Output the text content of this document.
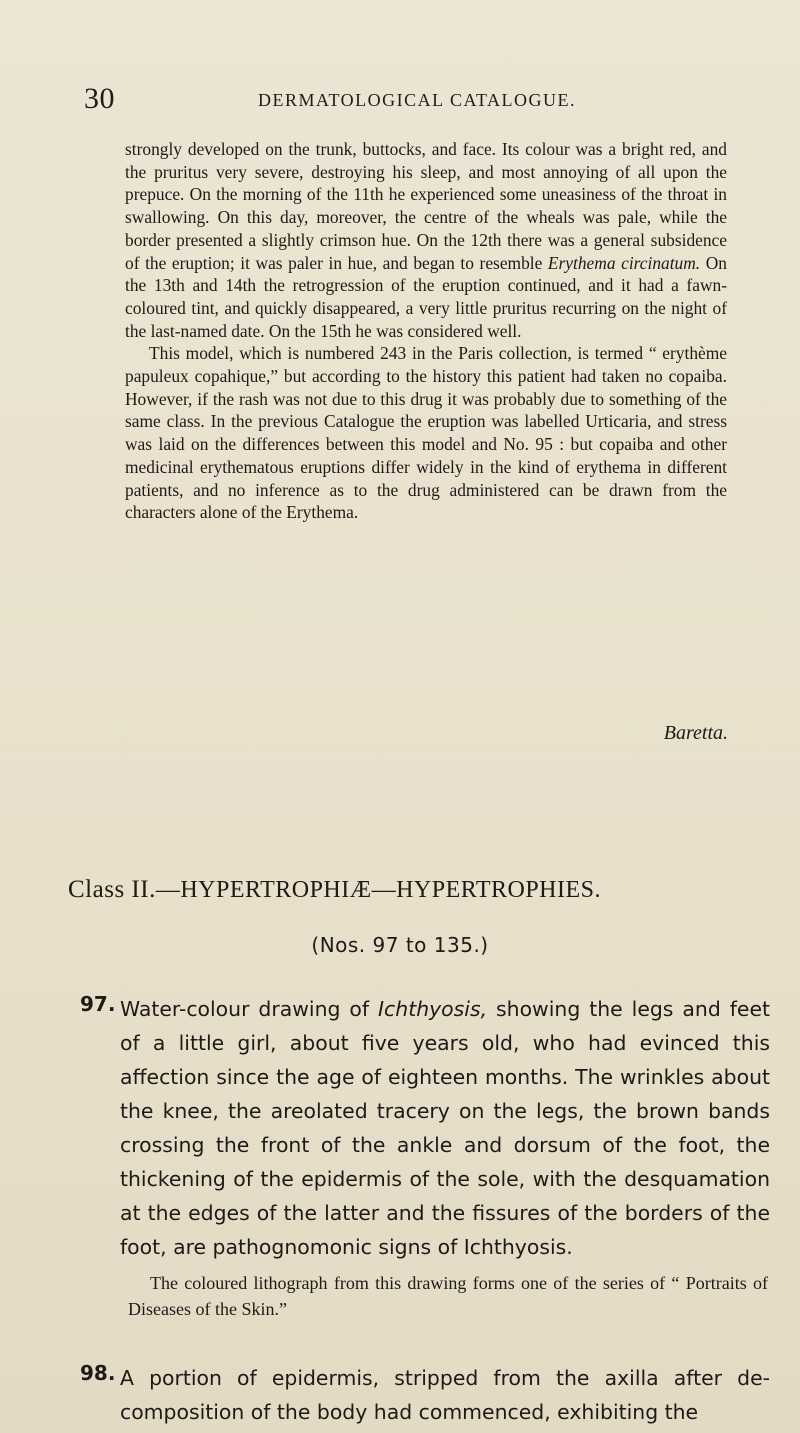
30	DERMATOLOGICAL CATALOGUE.

strongly developed on the trunk, buttocks, and face. Its colour was a bright red, and the pruritus very severe, destroying his sleep, and most annoying of all upon the prepuce. On the morning of the 11th he experienced some uneasiness of the throat in swallowing. On this day, moreover, the centre of the wheals was pale, while the border presented a slightly crimson hue. On the 12th there was a general subsidence of the eruption; it was paler in hue, and began to resemble Erythema circinatum. On the 13th and 14th the retrogression of the eruption continued, and it had a fawn-coloured tint, and quickly disappeared, a very little pruritus recurring on the night of the last-named date. On the 15th he was considered well.

This model, which is numbered 243 in the Paris collection, is termed “ erythème papuleux copahique,” but according to the history this patient had taken no copaiba. However, if the rash was not due to this drug it was probably due to something of the same class. In the previous Catalogue the eruption was labelled Urticaria, and stress was laid on the differences between this model and No. 95 : but copaiba and other medicinal erythematous eruptions differ widely in the kind of erythema in different patients, and no inference as to the drug administered can be drawn from the characters alone of the Erythema.

Baretta.
Class II.—HYPERTROPHIÆ—HYPERTROPHIES.
(Nos. 97 to 135.)
97. Water-colour drawing of Ichthyosis, showing the legs and feet of a little girl, about five years old, who had evinced this affection since the age of eighteen months. The wrinkles about the knee, the areolated tracery on the legs, the brown bands crossing the front of the ankle and dorsum of the foot, the thickening of the epidermis of the sole, with the desquamation at the edges of the latter and the fissures of the borders of the foot, are pathognomonic signs of Ichthyosis.

The coloured lithograph from this drawing forms one of the series of “ Portraits of Diseases of the Skin.”

98. A portion of epidermis, stripped from the axilla after de- composition of the body had commenced, exhibiting the
